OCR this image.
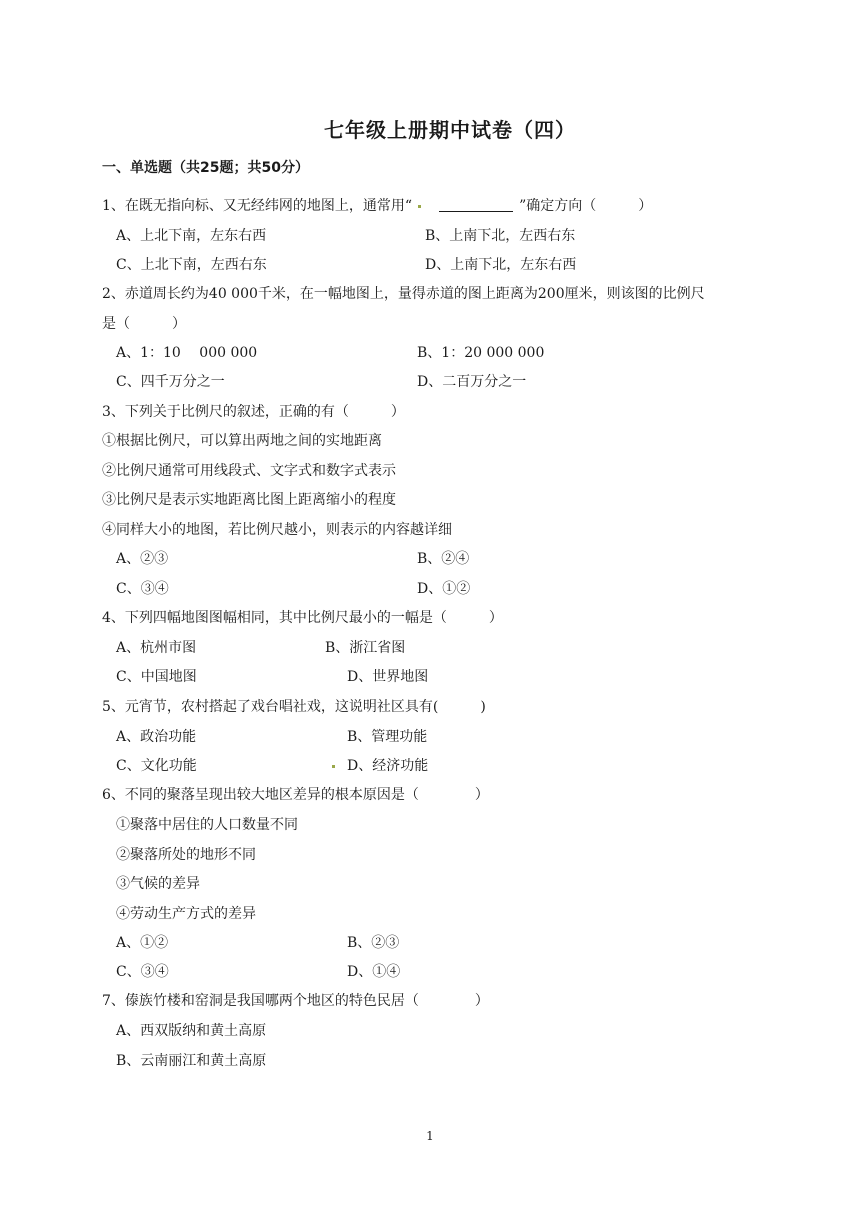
七年级上册期中试卷（四）
一、单选题（共25题；共50分）
1、在既无指向标、又无经纬网的地图上，通常用“	”确定方向（　　　）
A、上北下南，左东右西	B、上南下北，左西右东
C、上北下南，左西右东	D、上南下北，左东右西
2、赤道周长约为40 000千米，在一幅地图上，量得赤道的图上距离为200厘米，则该图的比例尺
是（　　　）
A、1：10　 000 000	B、1：20 000 000
C、四千万分之一	D、二百万分之一
3、下列关于比例尺的叙述，正确的有（　　　）
①根据比例尺，可以算出两地之间的实地距离
②比例尺通常可用线段式、文字式和数字式表示
③比例尺是表示实地距离比图上距离缩小的程度
④同样大小的地图，若比例尺越小，则表示的内容越详细
A、②③	B、②④
C、③④	D、①②
4、下列四幅地图图幅相同，其中比例尺最小的一幅是（　　　）
A、杭州市图	B、浙江省图
C、中国地图	D、世界地图
5、元宵节，农村搭起了戏台唱社戏，这说明社区具有(　　　)
A、政治功能	B、管理功能
C、文化功能	D、经济功能
6、不同的聚落呈现出较大地区差异的根本原因是（　　　　）
①聚落中居住的人口数量不同
②聚落所处的地形不同
③气候的差异
④劳动生产方式的差异
A、①②	B、②③
C、③④	D、①④
7、傣族竹楼和窑洞是我国哪两个地区的特色民居（　　　　）
A、西双版纳和黄土高原
B、云南丽江和黄土高原
1
